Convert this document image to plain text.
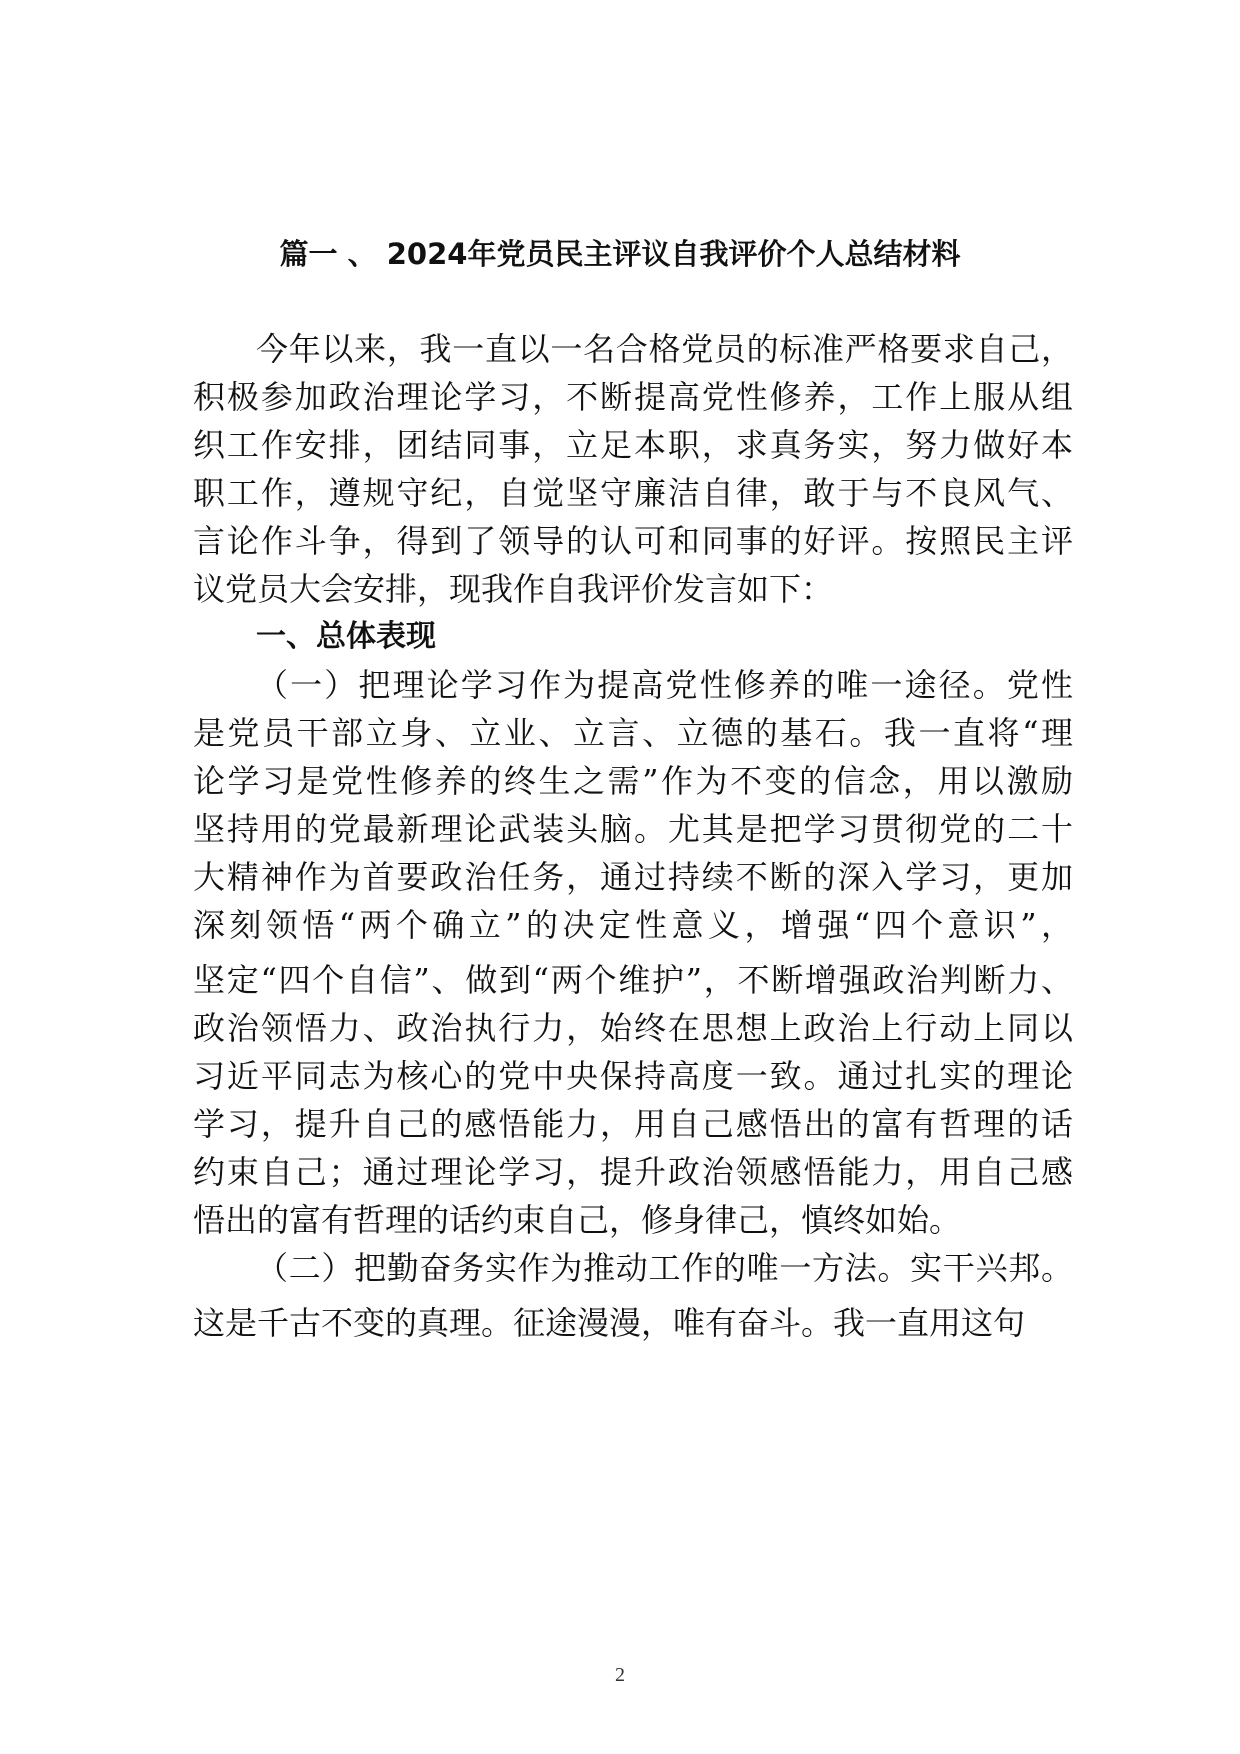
篇一 、 2024年党员民主评议自我评价个人总结材料
今年以来，我一直以一名合格党员的标准严格要求自己，
积极参加政治理论学习，不断提高党性修养，工作上服从组
织工作安排，团结同事，立足本职，求真务实，努力做好本
职工作，遵规守纪，自觉坚守廉洁自律，敢于与不良风气、
言论作斗争，得到了领导的认可和同事的好评。按照民主评
议党员大会安排，现我作自我评价发言如下：
一、总体表现
（一）把理论学习作为提高党性修养的唯一途径。党性
是党员干部立身、立业、立言、立德的基石。我一直将“理
论学习是党性修养的终生之需”作为不变的信念，用以激励
坚持用的党最新理论武装头脑。尤其是把学习贯彻党的二十
大精神作为首要政治任务，通过持续不断的深入学习，更加
深刻领悟“两个确立”的决定性意义，增强“四个意识”，
坚定“四个自信”、做到“两个维护”，不断增强政治判断力、
政治领悟力、政治执行力，始终在思想上政治上行动上同以
习近平同志为核心的党中央保持高度一致。通过扎实的理论
学习，提升自己的感悟能力，用自己感悟出的富有哲理的话
约束自己；通过理论学习，提升政治领感悟能力，用自己感
悟出的富有哲理的话约束自己，修身律己，慎终如始。
（二）把勤奋务实作为推动工作的唯一方法。实干兴邦。
这是千古不变的真理。征途漫漫，唯有奋斗。我一直用这句
2
